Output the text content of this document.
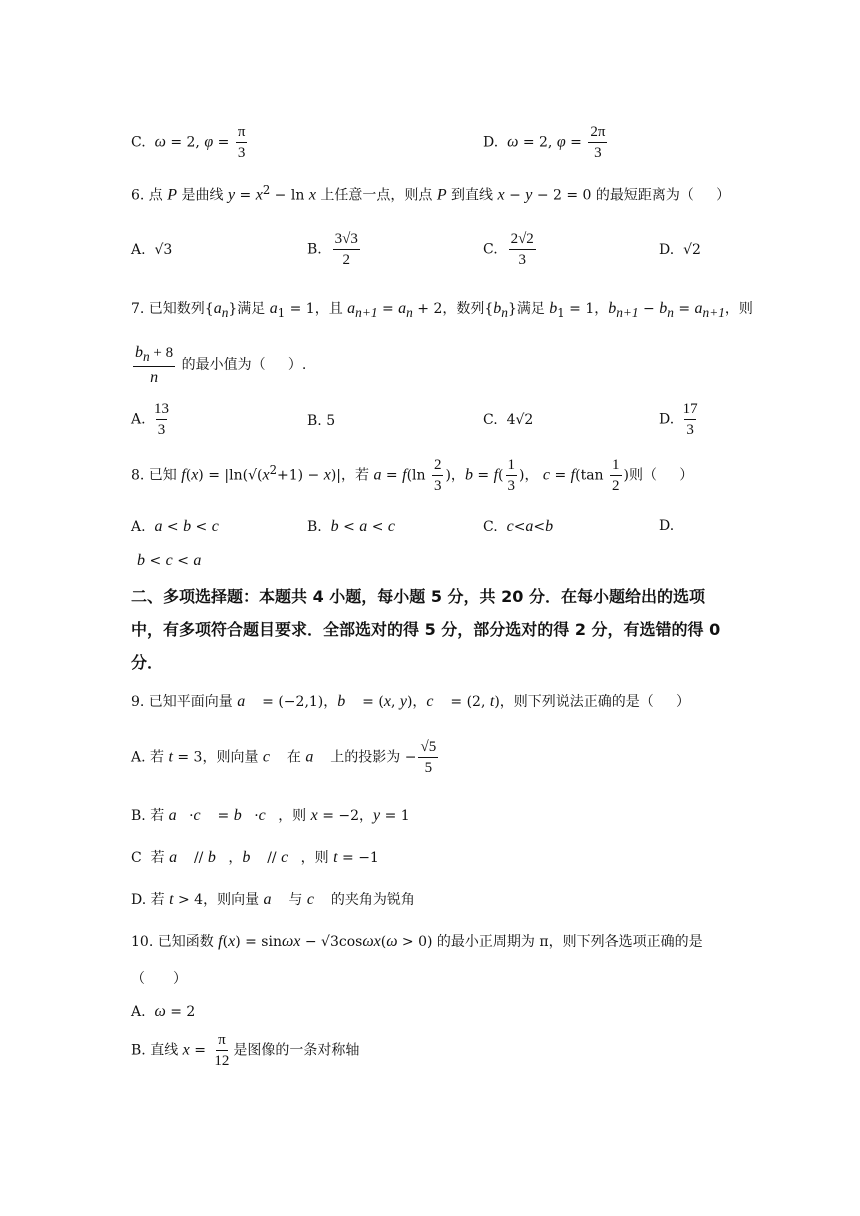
C.  ω = 2, $\varphi = \frac{\pi}{3}$	D.  ω = 2, $\varphi = \frac{2\pi}{3}$
6. 点 P 是曲线 $y = x^2 - \ln x$ 上任意一点，则点 P 到直线 x − y − 2 = 0 的最短距离为（     ）
A.  √3	B. $\frac{3√3}{2}$	C. $\frac{2√2}{3}$	D.  √2
7. 已知数列$\{a_n\}$满足 $a_1 = 1$，且 $a_{n+1} = a_n + 2$，数列$\{b_n\}$满足 $b_1 = 1$，$b_{n+1} - b_n = a_{n+1}$，则
$\frac{b_n + 8}{n}$ 的最小值为（     ）.
A. $\frac{13}{3}$	B. 5	C.  4√2	D. $\frac{17}{3}$
8. 已知 $f(x) = |\ln(√(x^2+1) - x)|$，若 $a = f(\ln \frac{2}{3}$ )，$b = f( \frac{1}{3}$ )， $c = f(\tan \frac{1}{2}$ )则（     ）
A.  a < b < c	B.  b < a < c	C.  c<a<b	D.
b < c < a
二、多项选择题：本题共 4 小题，每小题 5 分，共 20 分．在每小题给出的选项中，有多项符合题目要求．全部选对的得 5 分，部分选对的得 2 分，有选错的得 0 分．
9. 已知平面向量 a⃗ = (−2,1)，b⃗ = (x, y)，c⃗ = (2, t)，则下列说法正确的是（     ）
A. 若 t = 3，则向量 c⃗ 在 a⃗ 上的投影为 − $\frac{√5}{5}$
B. 若 a⃗·c⃗ = b⃗·c⃗，则 x = −2，y = 1
C  若 a⃗ // b⃗，b⃗ // c⃗，则 t = −1
D. 若 t > 4，则向量 a⃗ 与 c⃗ 的夹角为锐角
10. 已知函数 f(x) = sinωx − √3cosωx(ω > 0) 的最小正周期为 π，则下列各选项正确的是
（　　）
A.  ω = 2
B. 直线 $x = \frac{\pi}{12}$ 是图像的一条对称轴
